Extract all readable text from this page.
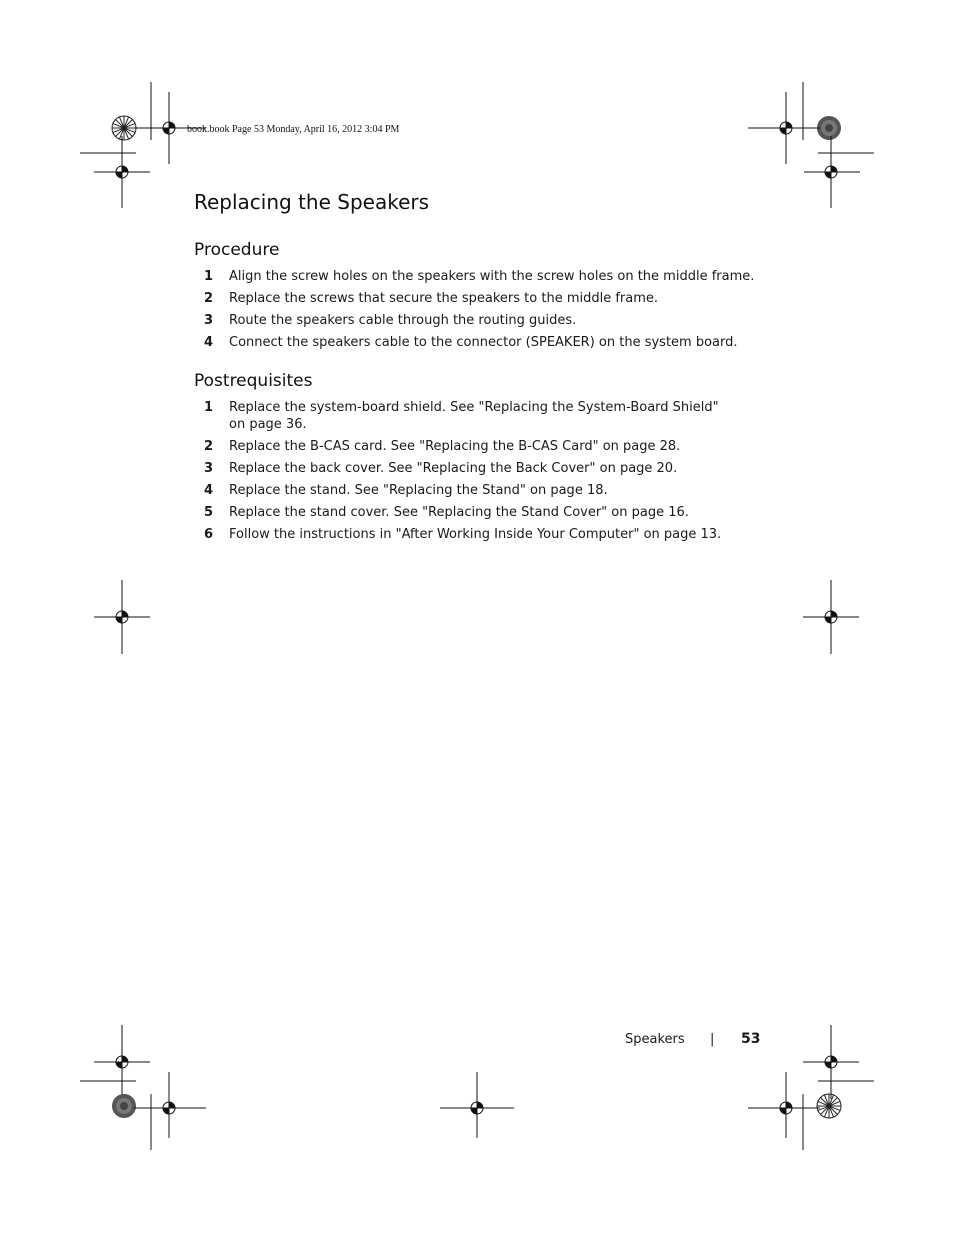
book.book Page 53 Monday, April 16, 2012 3:04 PM
Replacing the Speakers
Procedure
1 Align the screw holes on the speakers with the screw holes on the middle frame.
2 Replace the screws that secure the speakers to the middle frame.
3 Route the speakers cable through the routing guides.
4 Connect the speakers cable to the connector (SPEAKER) on the system board.
Postrequisites
1 Replace the system-board shield. See "Replacing the System-Board Shield" on page 36.
2 Replace the B-CAS card. See "Replacing the B-CAS Card" on page 28.
3 Replace the back cover. See "Replacing the Back Cover" on page 20.
4 Replace the stand. See "Replacing the Stand" on page 18.
5 Replace the stand cover. See "Replacing the Stand Cover" on page 16.
6 Follow the instructions in "After Working Inside Your Computer" on page 13.
Speakers | 53
